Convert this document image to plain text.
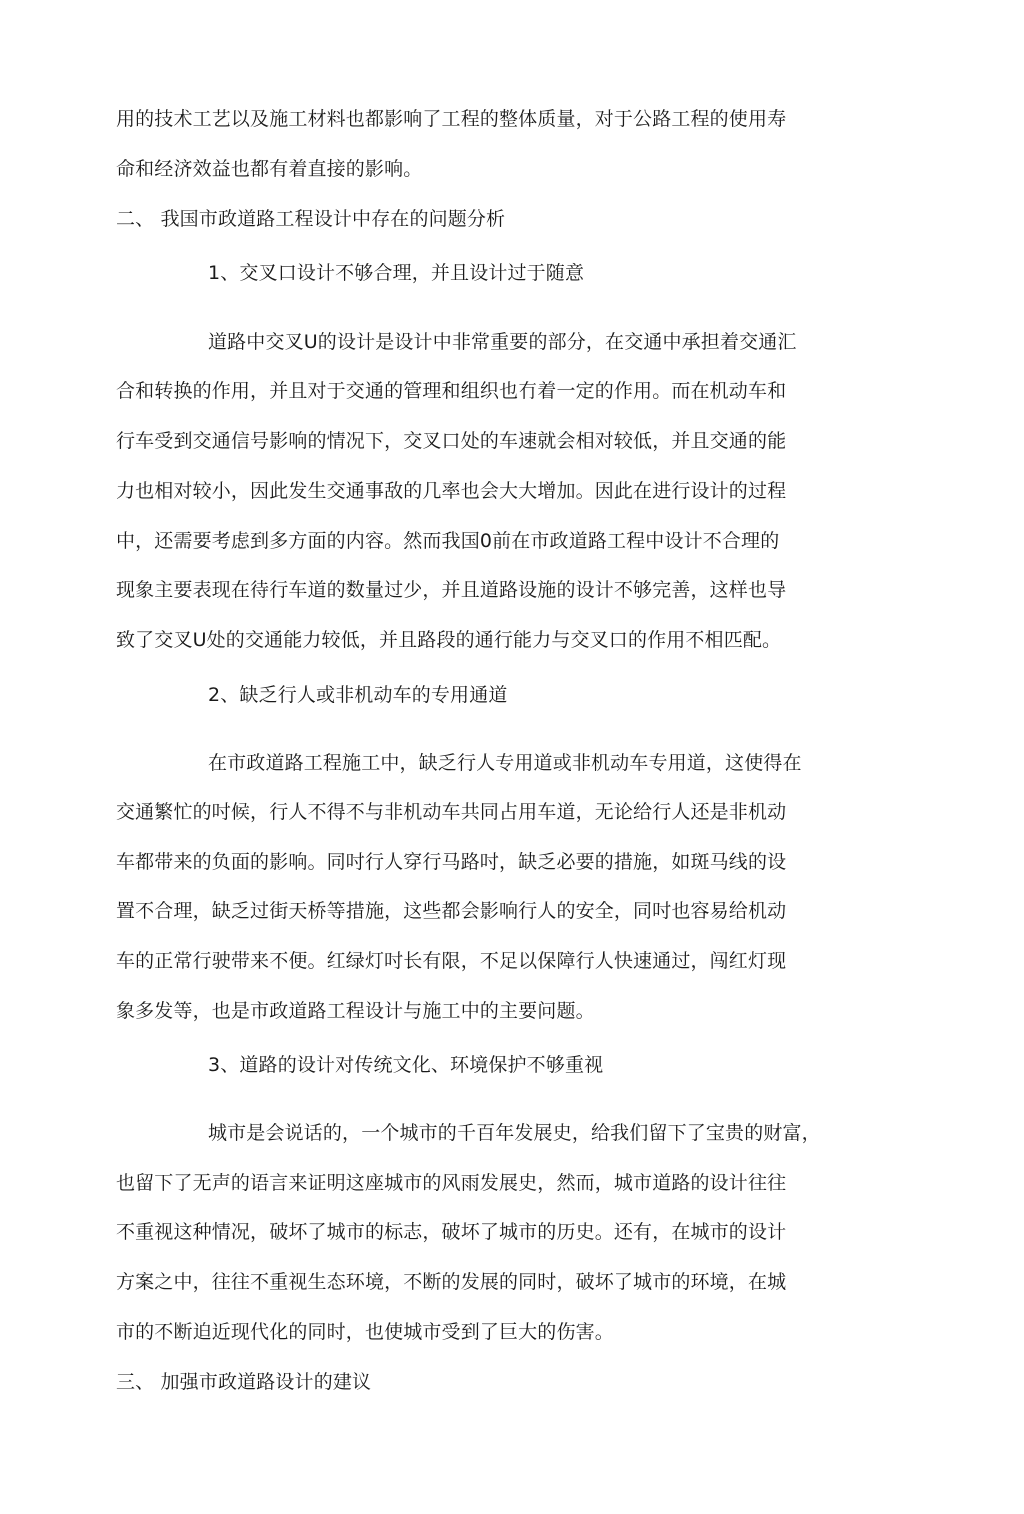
用的技术工艺以及施工材料也都影响了工程的整体质量，对于公路工程的使用寿
命和经济效益也都有着直接的影响。
二、 我国市政道路工程设计中存在的问题分析
1、交叉口设计不够合理，并且设计过于随意
道路中交叉U的设计是设计中非常重要的部分，在交通中承担着交通汇
合和转换的作用，并且对于交通的管理和组织也冇着一定的作用。而在机动车和
行车受到交通信号影响的情况下，交叉口处的车速就会相对较低，并且交通的能
力也相对较小，因此发生交通事敌的几率也会大大增加。因此在进行设计的过程
中，还需要考虑到多方面的内容。然而我国0前在市政道路工程中设计不合理的
现象主要表现在待行车道的数量过少，并且道路设施的设计不够完善，这样也导
致了交叉U处的交通能力较低，并且路段的通行能力与交叉口的作用不相匹配。
2、缺乏行人或非机动车的专用通道
在市政道路工程施工中，缺乏行人专用道或非机动车专用道，这使得在
交通繁忙的吋候，行人不得不与非机动车共同占用车道，无论给行人还是非机动
车都带来的负面的影响。同吋行人穿行马路吋，缺乏必要的措施，如斑马线的设
置不合理，缺乏过街天桥等措施，这些都会影响行人的安全，同吋也容易给机动
车的正常行驶带来不便。红绿灯吋长有限，不足以保障行人快速通过，闯红灯现
象多发等，也是市政道路工程设计与施工中的主要问题。
3、道路的设计对传统文化、环境保护不够重视
城市是会说话的，一个城市的千百年发展史，给我们留下了宝贵的财富，
也留下了无声的语言来证明这座城市的风雨发展史，然而，城市道路的设计往往
不重视这种情况，破坏了城市的标志，破坏了城市的历史。还有，在城市的设计
方案之中，往往不重视生态环境，不断的发展的同时，破坏了城市的环境，在城
市的不断迫近现代化的同时，也使城市受到了巨大的伤害。
三、 加强市政道路设计的建议
